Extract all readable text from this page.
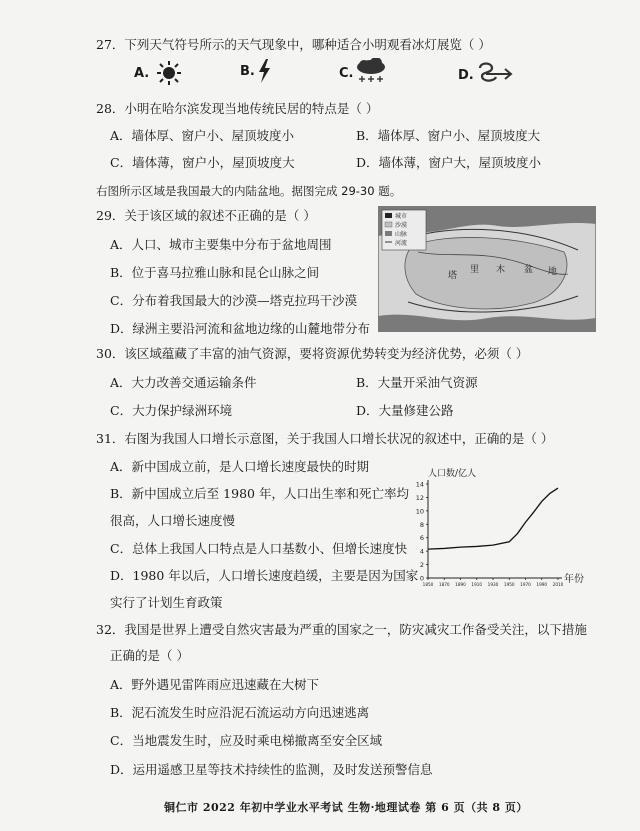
27．下列天气符号所示的天气现象中，哪种适合小明观看冰灯展览（ ）
A.	B.	C.	D.
28．小明在哈尔滨发现当地传统民居的特点是（ ）
A．墙体厚、窗户小、屋顶坡度小	B．墙体厚、窗户小、屋顶坡度大
C．墙体薄，窗户小，屋顶坡度大	D．墙体薄，窗户大，屋顶坡度小
右图所示区域是我国最大的内陆盆地。据图完成 29-30 题。
29．关于该区域的叙述不正确的是（ ）
A．人口、城市主要集中分布于盆地周围
B．位于喜马拉雅山脉和昆仑山脉之间
C．分布着我国最大的沙漠—塔克拉玛干沙漠
D．绿洲主要沿河流和盆地边缘的山麓地带分布
城市
沙漠
山脉
河流
塔
里 木 盆 地
30．该区域蕴藏了丰富的油气资源，要将资源优势转变为经济优势，必须（ ）
A．大力改善交通运输条件	B．大量开采油气资源
C．大力保护绿洲环境	D．大量修建公路
31．右图为我国人口增长示意图，关于我国人口增长状况的叙述中，正确的是（ ）
A．新中国成立前，是人口增长速度最快的时期
B．新中国成立后至 1980 年，人口出生率和死亡率均
很高，人口增长速度慢
C．总体上我国人口特点是人口基数小、但增长速度快
D．1980 年以后，人口增长速度趋缓，主要是因为国家
实行了计划生育政策
人口数/亿人
年份
0
2
4
6
8
10
12
14
1850 1870 1890 1910 1930 1950 1970 1990 2010
32．我国是世界上遭受自然灾害最为严重的国家之一，防灾减灾工作备受关注，以下措施
正确的是（ ）
A．野外遇见雷阵雨应迅速藏在大树下
B．泥石流发生时应沿泥石流运动方向迅速逃离
C．当地震发生时，应及时乘电梯撤离至安全区域
D．运用遥感卫星等技术持续性的监测，及时发送预警信息
铜仁市 2022 年初中学业水平考试 生物·地理试卷 第 6 页（共 8 页）
